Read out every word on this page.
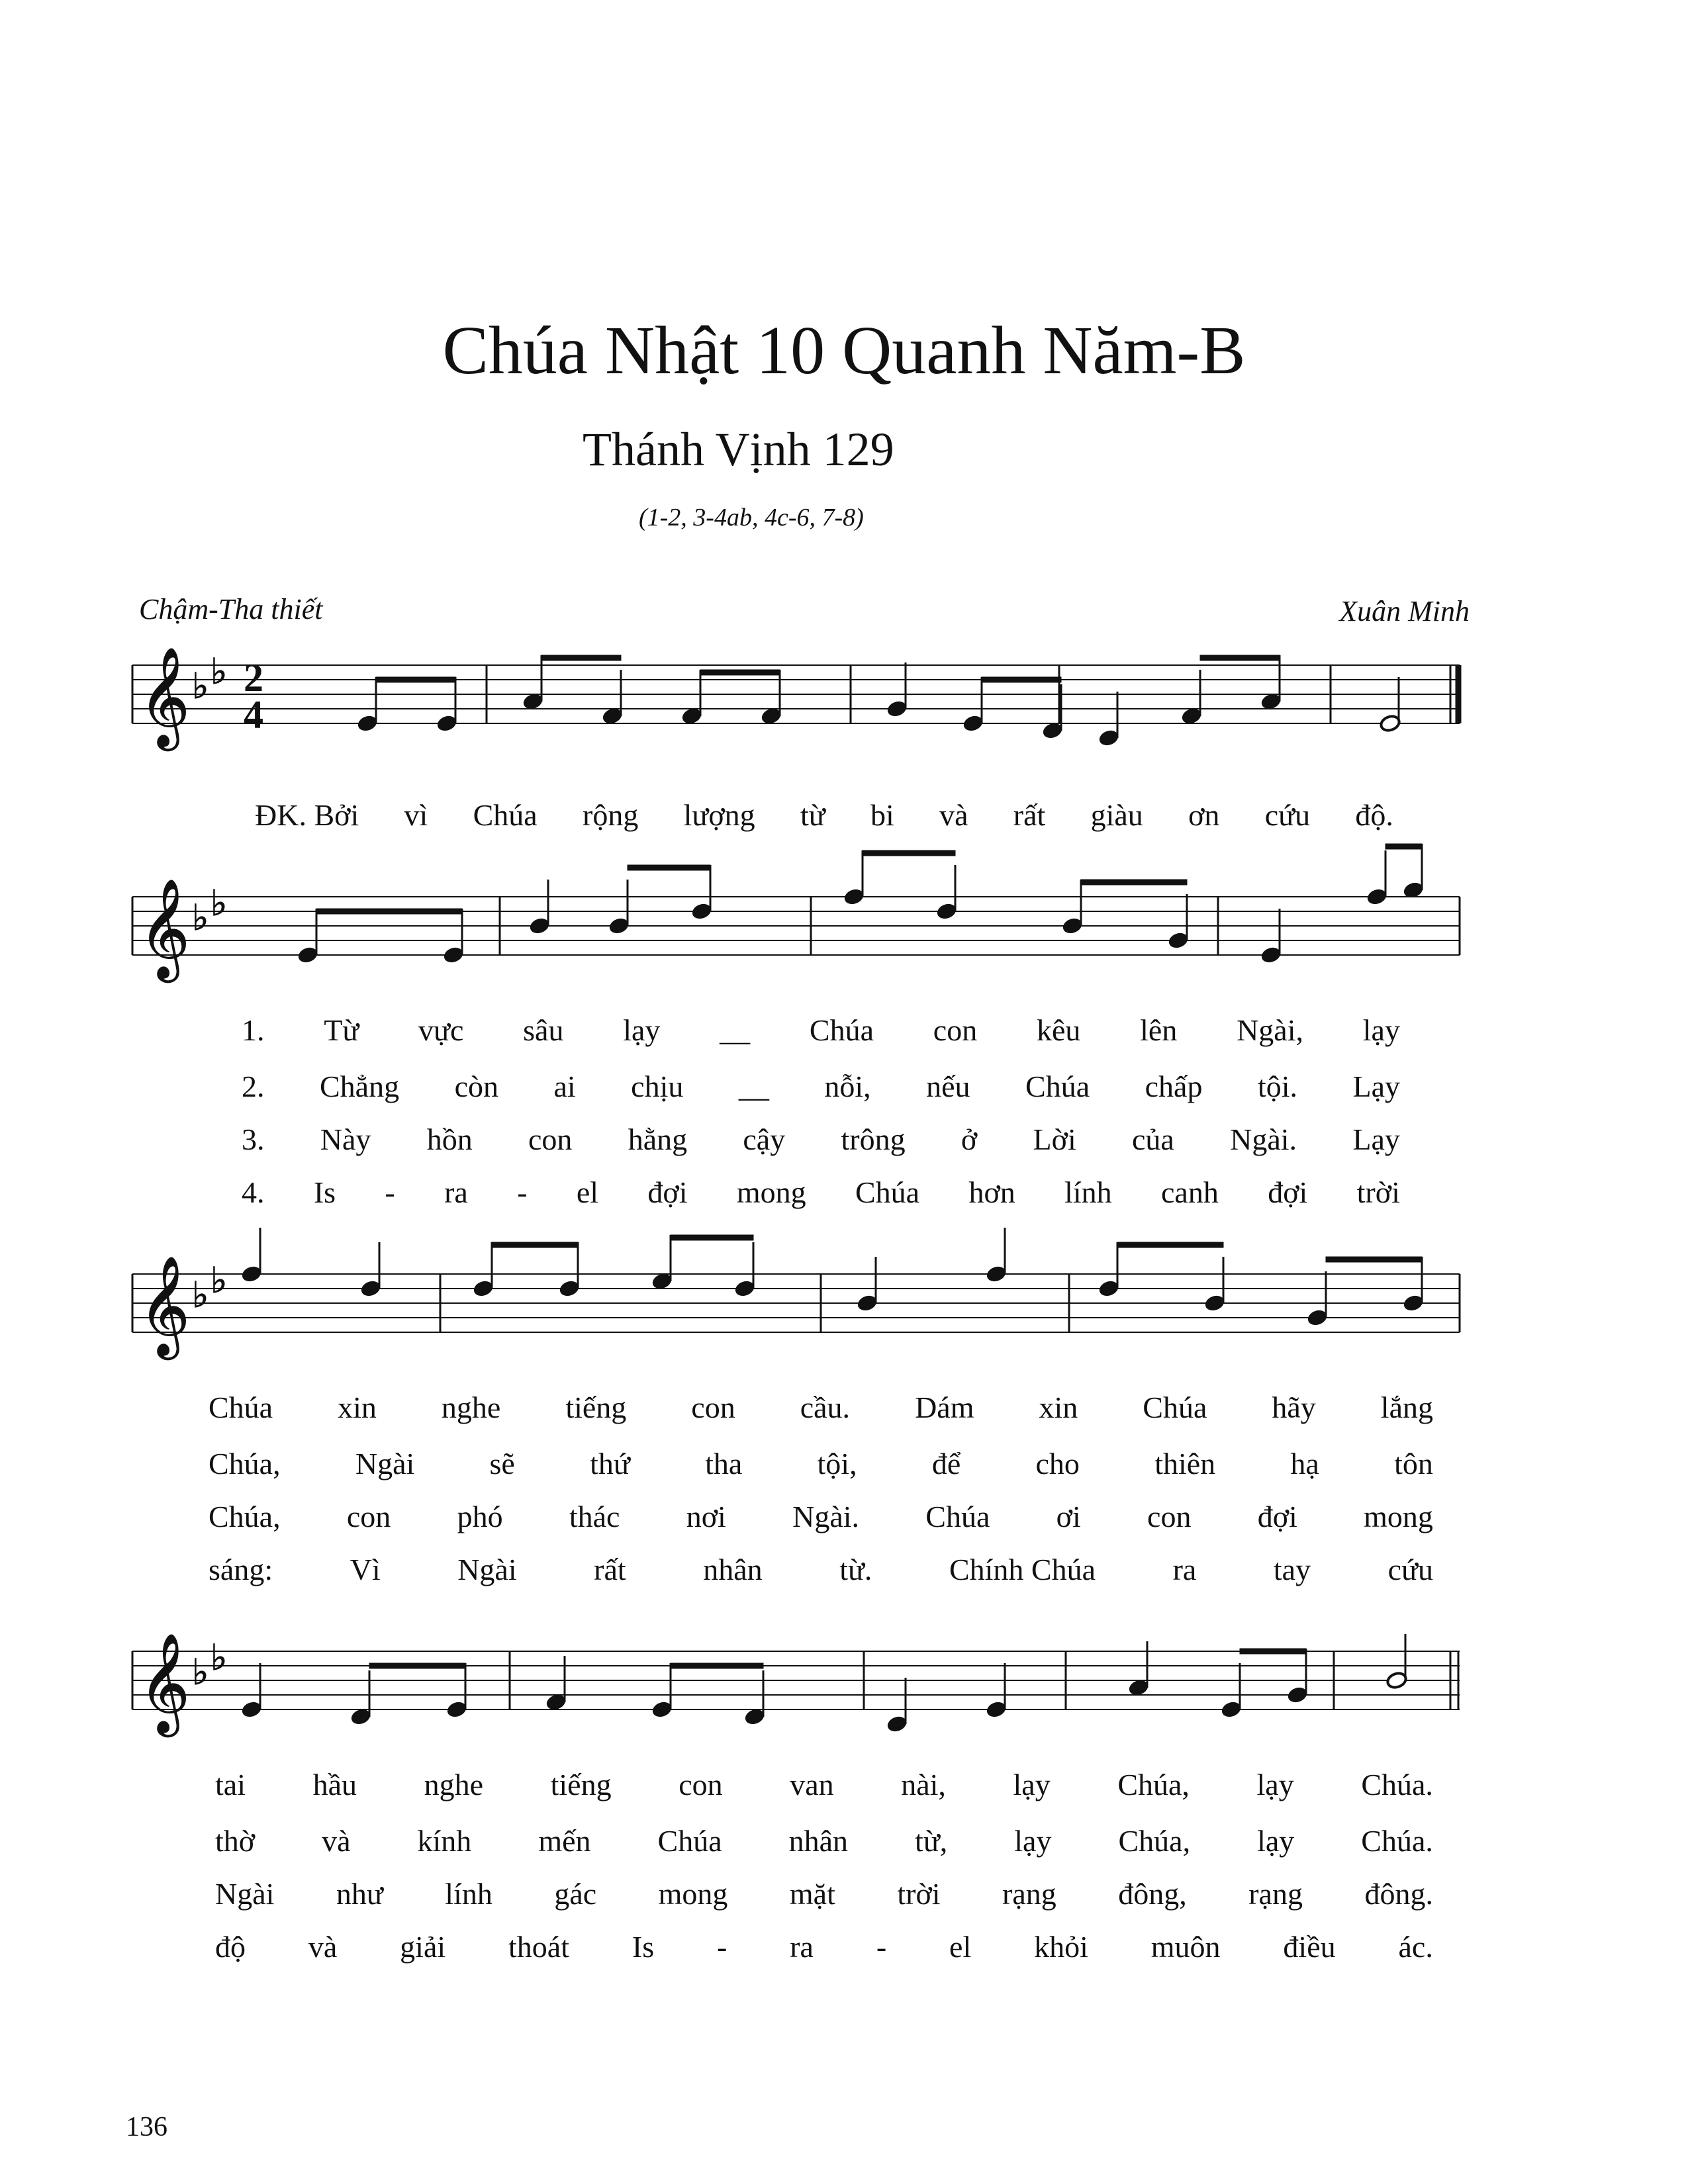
Chúa Nhật 10 Quanh Năm-B
Thánh Vịnh 129
(1-2, 3-4ab, 4c-6, 7-8)
Chậm-Tha thiết	Xuân Minh
𝄞 ♭ ♭
𝄞 ♭ ♭
𝄞 ♭ ♭
𝄞 ♭ ♭
2
4
ĐK. Bởi vì Chúa rộng lượng từ bi và rất giàu ơn cứu độ.
1. Từ vực sâu lạy __ Chúa con kêu lên Ngài, lạy
2. Chẳng còn ai chịu __ nỗi, nếu Chúa chấp tội. Lạy
3. Này hồn con hằng cậy trông ở Lời của Ngài. Lạy
4. Is - ra - el đợi mong Chúa hơn lính canh đợi trời
Chúa xin nghe tiếng con cầu. Dám xin Chúa hãy lắng
Chúa, Ngài sẽ thứ tha tội, để cho thiên hạ tôn
Chúa, con phó thác nơi Ngài. Chúa ơi con đợi mong
sáng:	Vì	Ngài	rất	nhân	từ.	Chính Chúa	ra	tay	cứu
tai hầu nghe tiếng con van nài, lạy Chúa, lạy Chúa.
thờ và kính mến Chúa nhân từ, lạy Chúa, lạy Chúa.
Ngài như lính gác mong mặt trời rạng đông, rạng đông.
độ và giải thoát Is - ra - el khỏi muôn điều ác.
136
